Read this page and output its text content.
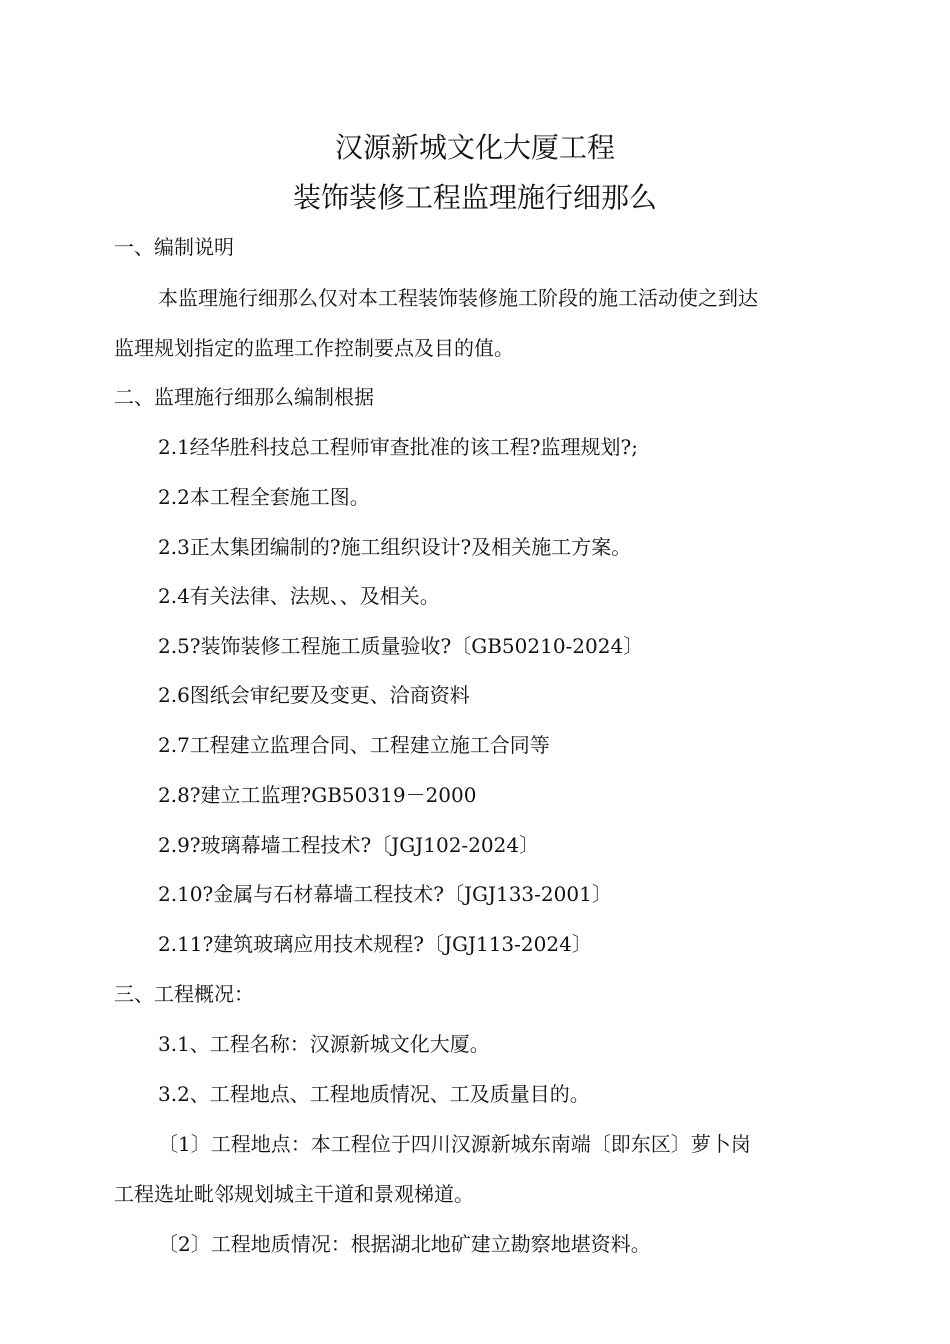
汉源新城文化大厦工程
装饰装修工程监理施行细那么
一、编制说明
本监理施行细那么仅对本工程装饰装修施工阶段的施工活动使之到达
监理规划指定的监理工作控制要点及目的值。
二、监理施行细那么编制根据
2.1经华胜科技总工程师审查批准的该工程?监理规划?;
2.2本工程全套施工图。
2.3正太集团编制的?施工组织设计?及相关施工方案。
2.4有关法律、法规、、及相关。
2.5?装饰装修工程施工质量验收?〔GB50210-2024〕
2.6图纸会审纪要及变更、洽商资料
2.7工程建立监理合同、工程建立施工合同等
2.8?建立工监理?GB50319－2000
2.9?玻璃幕墙工程技术?〔JGJ102-2024〕
2.10?金属与石材幕墙工程技术?〔JGJ133-2001〕
2.11?建筑玻璃应用技术规程?〔JGJ113-2024〕
三、工程概况：
3.1、工程名称：汉源新城文化大厦。
3.2、工程地点、工程地质情况、工及质量目的。
〔1〕工程地点：本工程位于四川汉源新城东南端〔即东区〕萝卜岗
工程选址毗邻规划城主干道和景观梯道。
〔2〕工程地质情况：根据湖北地矿建立勘察地堪资料。
